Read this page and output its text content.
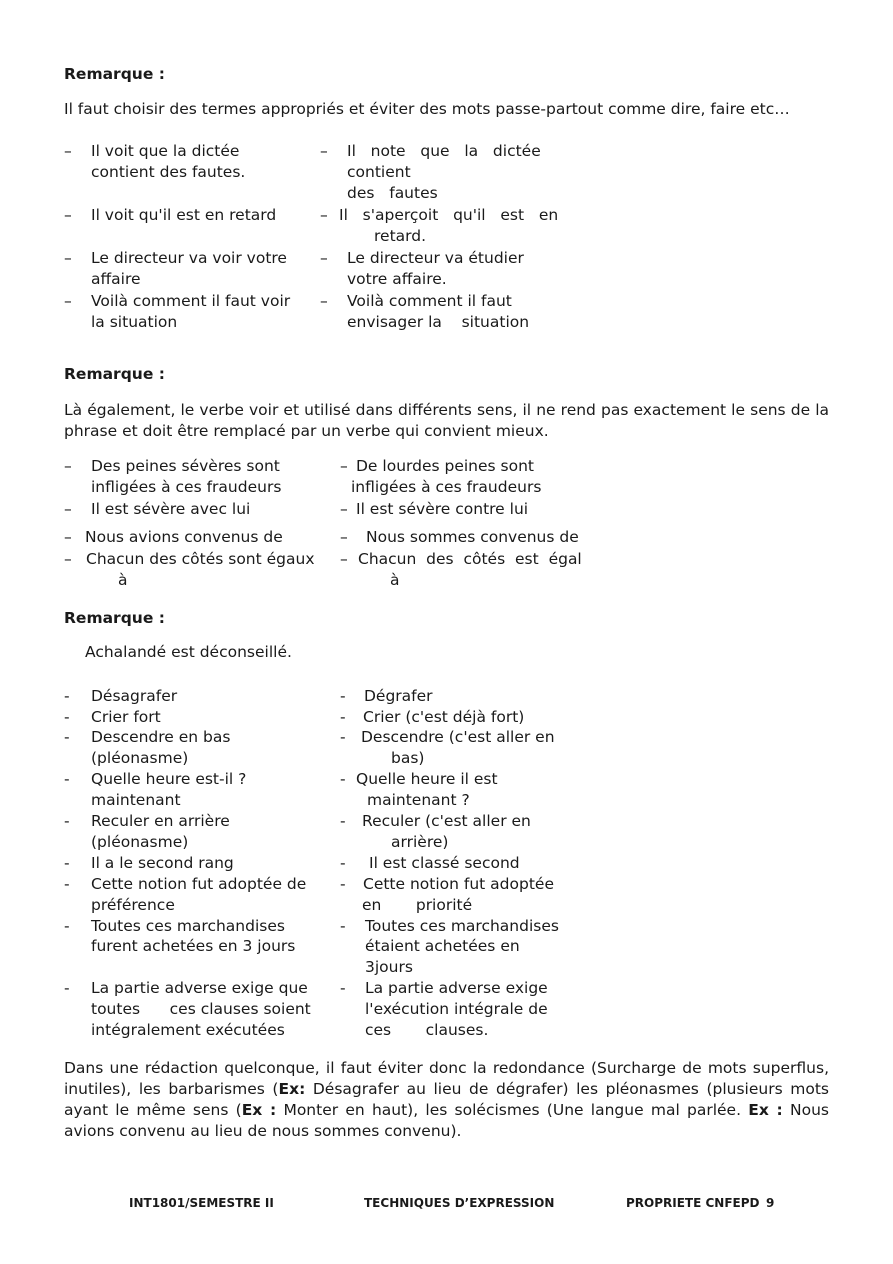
Remarque :
Il faut choisir des termes appropriés et éviter des mots passe-partout comme dire, faire etc…
– Il voit que la dictée
contient des fautes.
– Il voit qu'il est en retard
– Le directeur va voir votre
affaire
– Voilà comment il faut voir
la situation
– Il   note   que   la   dictée
contient
des   fautes
– Il   s'aperçoit   qu'il   est   en
retard.
– Le directeur va étudier
votre affaire.
– Voilà comment il faut
envisager la    situation
Remarque :
Là également, le verbe voir et utilisé dans différents sens, il ne rend pas exactement le sens de la phrase et doit être remplacé par un verbe qui convient mieux.
– Des peines sévères sont
infligées à ces fraudeurs
– Il est sévère avec lui
– Nous avions convenus de
– Chacun des côtés sont égaux
à
– De lourdes peines sont
infligées à ces fraudeurs
– Il est sévère contre lui
– Nous sommes convenus de
– Chacun  des  côtés  est  égal
à
Remarque :
Achalandé est déconseillé.
- Désagrafer
- Crier fort
- Descendre en bas
(pléonasme)
- Quelle heure est-il ?
maintenant
- Reculer en arrière
(pléonasme)
- Il a le second rang
- Cette notion fut adoptée de
préférence
- Toutes ces marchandises
furent achetées en 3 jours
- La partie adverse exige que
toutes      ces clauses soient
intégralement exécutées
- Dégrafer
- Crier (c'est déjà fort)
- Descendre (c'est aller en
bas)
- Quelle heure il est
maintenant ?
- Reculer (c'est aller en
arrière)
- Il est classé second
- Cette notion fut adoptée
en       priorité
- Toutes ces marchandises
étaient achetées en
3jours
- La partie adverse exige
l'exécution intégrale de
ces       clauses.
Dans une rédaction quelconque, il faut éviter donc la redondance (Surcharge de mots superflus, inutiles), les barbarismes (Ex: Désagrafer au lieu de dégrafer) les pléonasmes (plusieurs mots ayant le même sens (Ex : Monter en haut), les solécismes (Une langue mal parlée. Ex : Nous avions convenu au lieu de nous sommes convenu).
INT1801/SEMESTRE II	TECHNIQUES D’EXPRESSION	PROPRIETE CNFEPD 9
